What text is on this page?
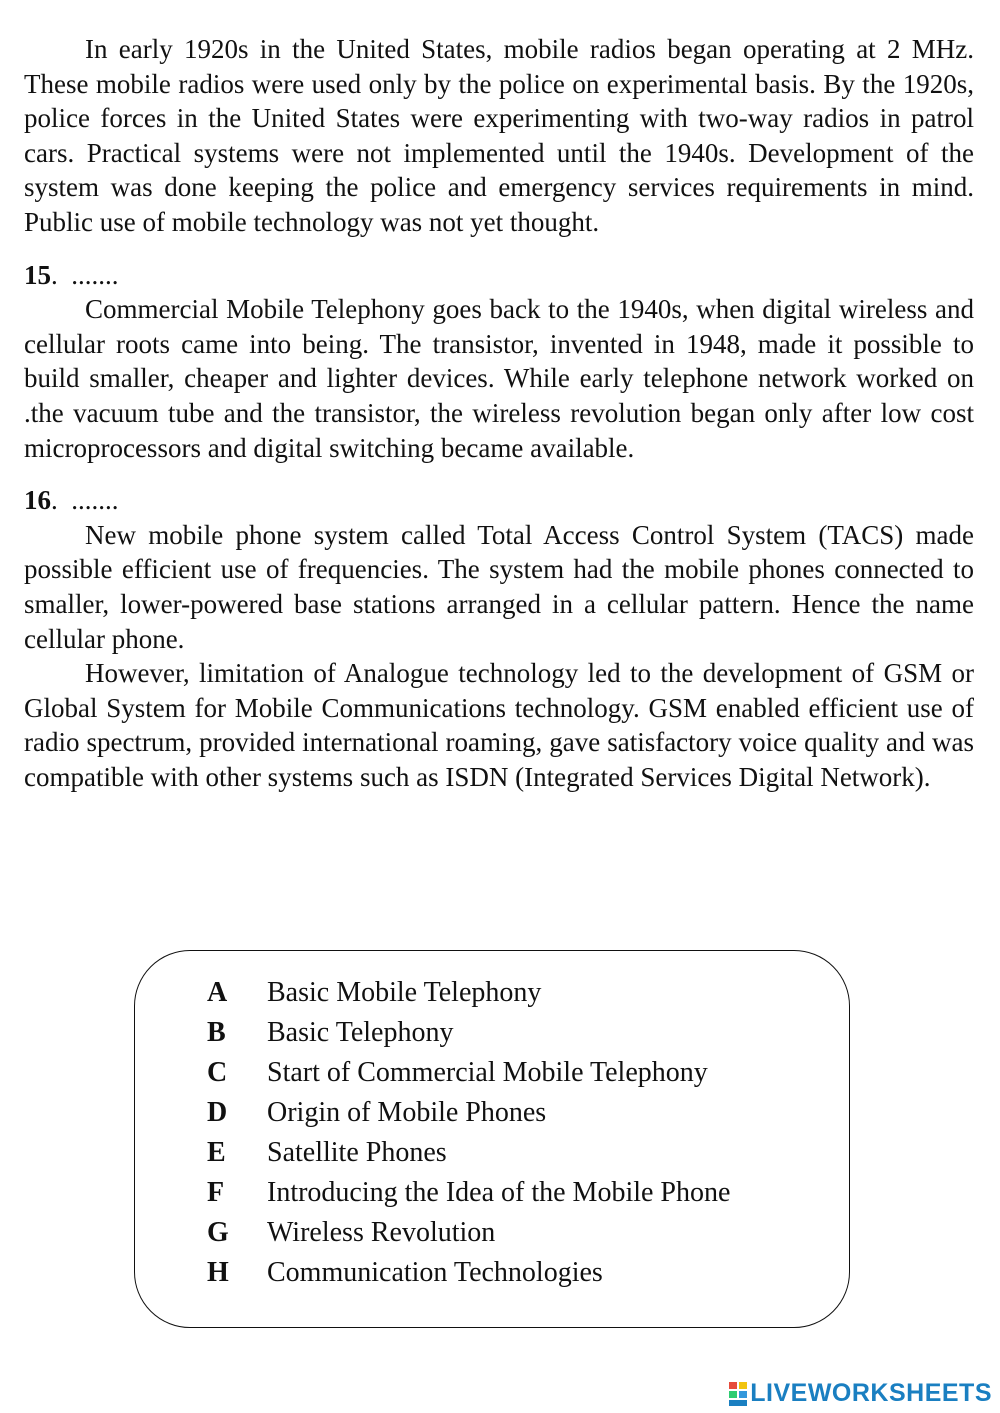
In early 1920s in the United States, mobile radios began operating at 2 MHz. These mobile radios were used only by the police on experimental basis. By the 1920s, police forces in the United States were experimenting with two-way radios in patrol cars. Practical systems were not implemented until the 1940s. Development of the system was done keeping the police and emergency services requirements in mind. Public use of mobile technology was not yet thought.

15.  .......

Commercial Mobile Telephony goes back to the 1940s, when digital wireless and cellular roots came into being. The transistor, invented in 1948, made it possible to build smaller, cheaper and lighter devices. While early telephone network worked on .the vacuum tube and the transistor, the wireless revolution began only after low cost microprocessors and digital switching became available.

16.  .......

New mobile phone system called Total Access Control System (TACS) made possible efficient use of frequencies. The system had the mobile phones connected to smaller, lower-powered base stations arranged in a cellular pattern. Hence the name cellular phone.

However, limitation of Analogue technology led to the development of GSM or Global System for Mobile Communications technology. GSM enabled efficient use of radio spectrum, provided international roaming, gave satisfactory voice quality and was compatible with other systems such as ISDN (Integrated Services Digital Network).

A	Basic Mobile Telephony
B	Basic Telephony
C	Start of Commercial Mobile Telephony
D	Origin of Mobile Phones
E	Satellite Phones
F	Introducing the Idea of the Mobile Phone
G	Wireless Revolution
H	Communication Technologies
LIVEWORKSHEETS
